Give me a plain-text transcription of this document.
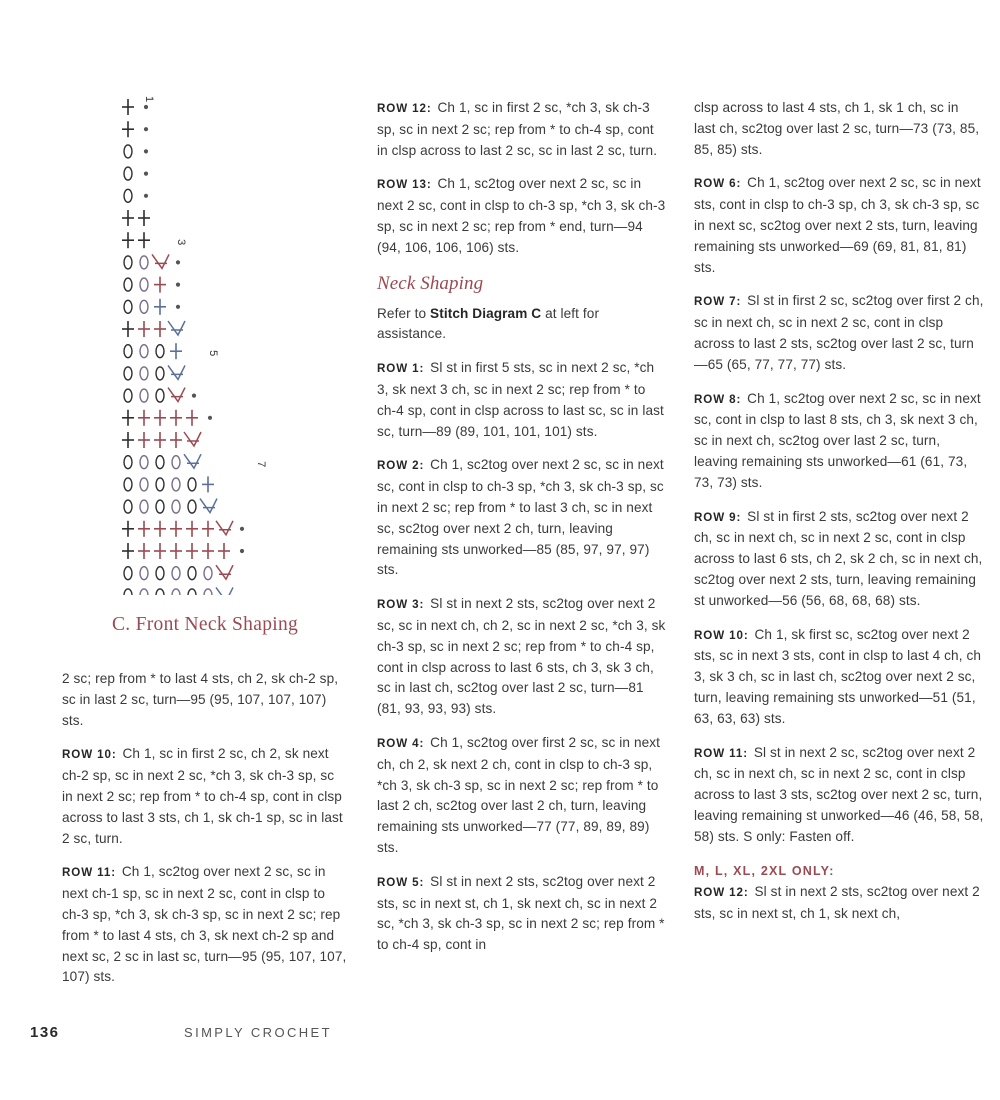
1
3
5
7
C. Front Neck Shaping

2 sc; rep from * to last 4 sts, ch 2, sk ch-2 sp, sc in last 2 sc, turn—95 (95, 107, 107, 107) sts.

ROW 10: Ch 1, sc in first 2 sc, ch 2, sk next ch-2 sp, sc in next 2 sc, *ch 3, sk ch-3 sp, sc in next 2 sc; rep from * to ch-4 sp, cont in clsp across to last 3 sts, ch 1, sk ch-1 sp, sc in last 2 sc, turn.

ROW 11: Ch 1, sc2tog over next 2 sc, sc in next ch-1 sp, sc in next 2 sc, cont in clsp to ch-3 sp, *ch 3, sk ch-3 sp, sc in next 2 sc; rep from * to last 4 sts, ch 3, sk next ch-2 sp and next sc, 2 sc in last sc, turn—95 (95, 107, 107, 107) sts.

ROW 12: Ch 1, sc in first 2 sc, *ch 3, sk ch-3 sp, sc in next 2 sc; rep from * to ch-4 sp, cont in clsp across to last 2 sc, sc in last 2 sc, turn.

ROW 13: Ch 1, sc2tog over next 2 sc, sc in next 2 sc, cont in clsp to ch-3 sp, *ch 3, sk ch-3 sp, sc in next 2 sc; rep from * end, turn—94 (94, 106, 106, 106) sts.

Neck Shaping

Refer to Stitch Diagram C at left for assistance.

ROW 1: Sl st in first 5 sts, sc in next 2 sc, *ch 3, sk next 3 ch, sc in next 2 sc; rep from * to ch-4 sp, cont in clsp across to last sc, sc in last sc, turn—89 (89, 101, 101, 101) sts.

ROW 2: Ch 1, sc2tog over next 2 sc, sc in next sc, cont in clsp to ch-3 sp, *ch 3, sk ch-3 sp, sc in next 2 sc; rep from * to last 3 ch, sc in next sc, sc2tog over next 2 ch, turn, leaving remaining sts unworked—85 (85, 97, 97, 97) sts.

ROW 3: Sl st in next 2 sts, sc2tog over next 2 sc, sc in next ch, ch 2, sc in next 2 sc, *ch 3, sk ch-3 sp, sc in next 2 sc; rep from * to ch-4 sp, cont in clsp across to last 6 sts, ch 3, sk 3 ch, sc in last ch, sc2tog over last 2 sc, turn—81 (81, 93, 93, 93) sts.

ROW 4: Ch 1, sc2tog over first 2 sc, sc in next ch, ch 2, sk next 2 ch, cont in clsp to ch-3 sp, *ch 3, sk ch-3 sp, sc in next 2 sc; rep from * to last 2 ch, sc2tog over last 2 ch, turn, leaving remaining sts unworked—77 (77, 89, 89, 89) sts.

ROW 5: Sl st in next 2 sts, sc2tog over next 2 sts, sc in next st, ch 1, sk next ch, sc in next 2 sc, *ch 3, sk ch-3 sp, sc in next 2 sc; rep from * to ch-4 sp, cont in

clsp across to last 4 sts, ch 1, sk 1 ch, sc in last ch, sc2tog over last 2 sc, turn—73 (73, 85, 85, 85) sts.

ROW 6: Ch 1, sc2tog over next 2 sc, sc in next sts, cont in clsp to ch-3 sp, ch 3, sk ch-3 sp, sc in next sc, sc2tog over next 2 sts, turn, leaving remaining sts unworked—69 (69, 81, 81, 81) sts.

ROW 7: Sl st in first 2 sc, sc2tog over first 2 ch, sc in next ch, sc in next 2 sc, cont in clsp across to last 2 sts, sc2tog over last 2 sc, turn—65 (65, 77, 77, 77) sts.

ROW 8: Ch 1, sc2tog over next 2 sc, sc in next sc, cont in clsp to last 8 sts, ch 3, sk next 3 ch, sc in next ch, sc2tog over last 2 sc, turn, leaving remaining sts unworked—61 (61, 73, 73, 73) sts.

ROW 9: Sl st in first 2 sts, sc2tog over next 2 ch, sc in next ch, sc in next 2 sc, cont in clsp across to last 6 sts, ch 2, sk 2 ch, sc in next ch, sc2tog over next 2 sts, turn, leaving remaining st unworked—56 (56, 68, 68, 68) sts.

ROW 10: Ch 1, sk first sc, sc2tog over next 2 sts, sc in next 3 sts, cont in clsp to last 4 ch, ch 3, sk 3 ch, sc in last ch, sc2tog over next 2 sc, turn, leaving remaining sts unworked—51 (51, 63, 63, 63) sts.

ROW 11: Sl st in next 2 sc, sc2tog over next 2 ch, sc in next ch, sc in next 2 sc, cont in clsp across to last 3 sts, sc2tog over next 2 sc, turn, leaving remaining st unworked—46 (46, 58, 58, 58) sts. S only: Fasten off.

M, L, XL, 2XL ONLY:

ROW 12: Sl st in next 2 sts, sc2tog over next 2 sts, sc in next st, ch 1, sk next ch,

136	SIMPLY CROCHET
